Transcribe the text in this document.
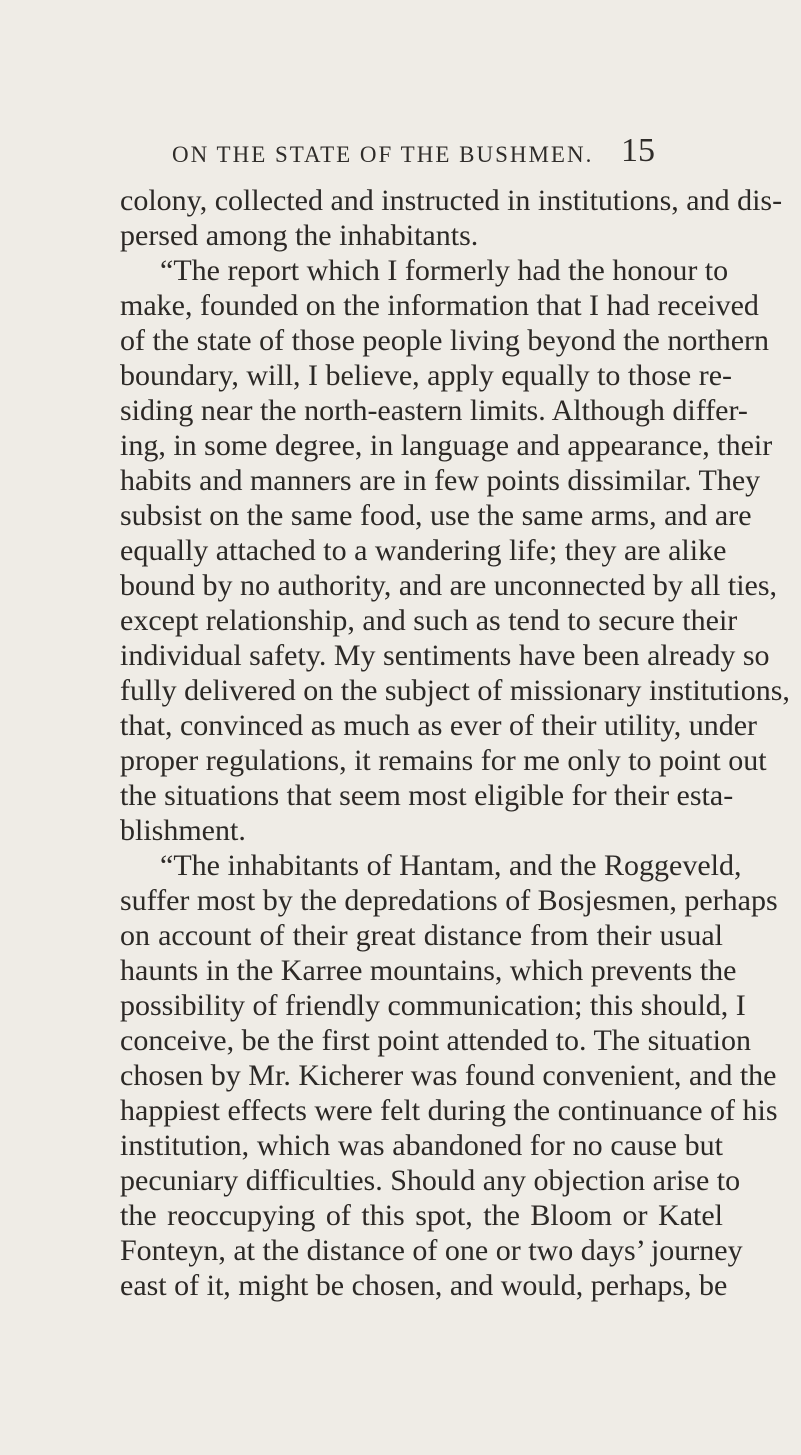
ON THE STATE OF THE BUSHMEN. 15
colony, collected and instructed in institutions, and dis-
persed among the inhabitants.
“The report which I formerly had the honour to
make, founded on the information that I had received
of the state of those people living beyond the northern
boundary, will, I believe, apply equally to those re-
siding near the north-eastern limits. Although differ-
ing, in some degree, in language and appearance, their
habits and manners are in few points dissimilar. They
subsist on the same food, use the same arms, and are
equally attached to a wandering life; they are alike
bound by no authority, and are unconnected by all ties,
except relationship, and such as tend to secure their
individual safety. My sentiments have been already so
fully delivered on the subject of missionary institutions,
that, convinced as much as ever of their utility, under
proper regulations, it remains for me only to point out
the situations that seem most eligible for their esta-
blishment.
“The inhabitants of Hantam, and the Roggeveld,
suffer most by the depredations of Bosjesmen, perhaps
on account of their great distance from their usual
haunts in the Karree mountains, which prevents the
possibility of friendly communication; this should, I
conceive, be the first point attended to. The situation
chosen by Mr. Kicherer was found convenient, and the
happiest effects were felt during the continuance of his
institution, which was abandoned for no cause but
pecuniary difficulties. Should any objection arise to
the reoccupying of this spot, the Bloom or Katel
Fonteyn, at the distance of one or two days’ journey
east of it, might be chosen, and would, perhaps, be
